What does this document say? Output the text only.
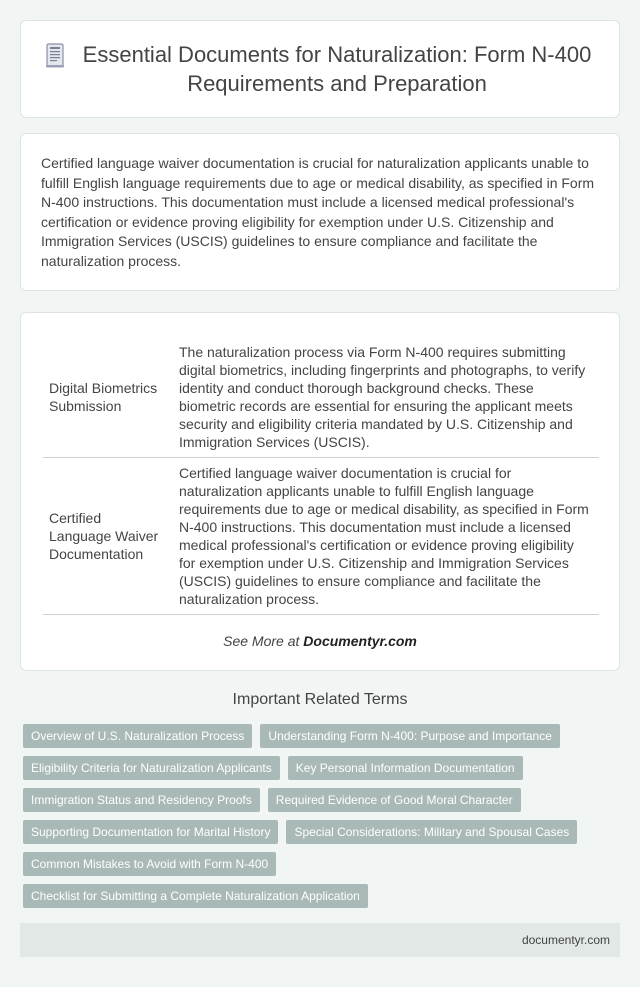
Essential Documents for Naturalization: Form N-400 Requirements and Preparation

Certified language waiver documentation is crucial for naturalization applicants unable to fulfill English language requirements due to age or medical disability, as specified in Form N-400 instructions. This documentation must include a licensed medical professional's certification or evidence proving eligibility for exemption under U.S. Citizenship and Immigration Services (USCIS) guidelines to ensure compliance and facilitate the naturalization process.

Digital Biometrics Submission	The naturalization process via Form N-400 requires submitting digital biometrics, including fingerprints and photographs, to verify identity and conduct thorough background checks. These biometric records are essential for ensuring the applicant meets security and eligibility criteria mandated by U.S. Citizenship and Immigration Services (USCIS).
Certified Language Waiver Documentation	Certified language waiver documentation is crucial for naturalization applicants unable to fulfill English language requirements due to age or medical disability, as specified in Form N-400 instructions. This documentation must include a licensed medical professional's certification or evidence proving eligibility for exemption under U.S. Citizenship and Immigration Services (USCIS) guidelines to ensure compliance and facilitate the naturalization process.
See More at Documentyr.com
Important Related Terms
Overview of U.S. Naturalization Process	Understanding Form N-400: Purpose and Importance
Eligibility Criteria for Naturalization Applicants	Key Personal Information Documentation
Immigration Status and Residency Proofs	Required Evidence of Good Moral Character
Supporting Documentation for Marital History	Special Considerations: Military and Spousal Cases
Common Mistakes to Avoid with Form N-400
Checklist for Submitting a Complete Naturalization Application
documentyr.com
